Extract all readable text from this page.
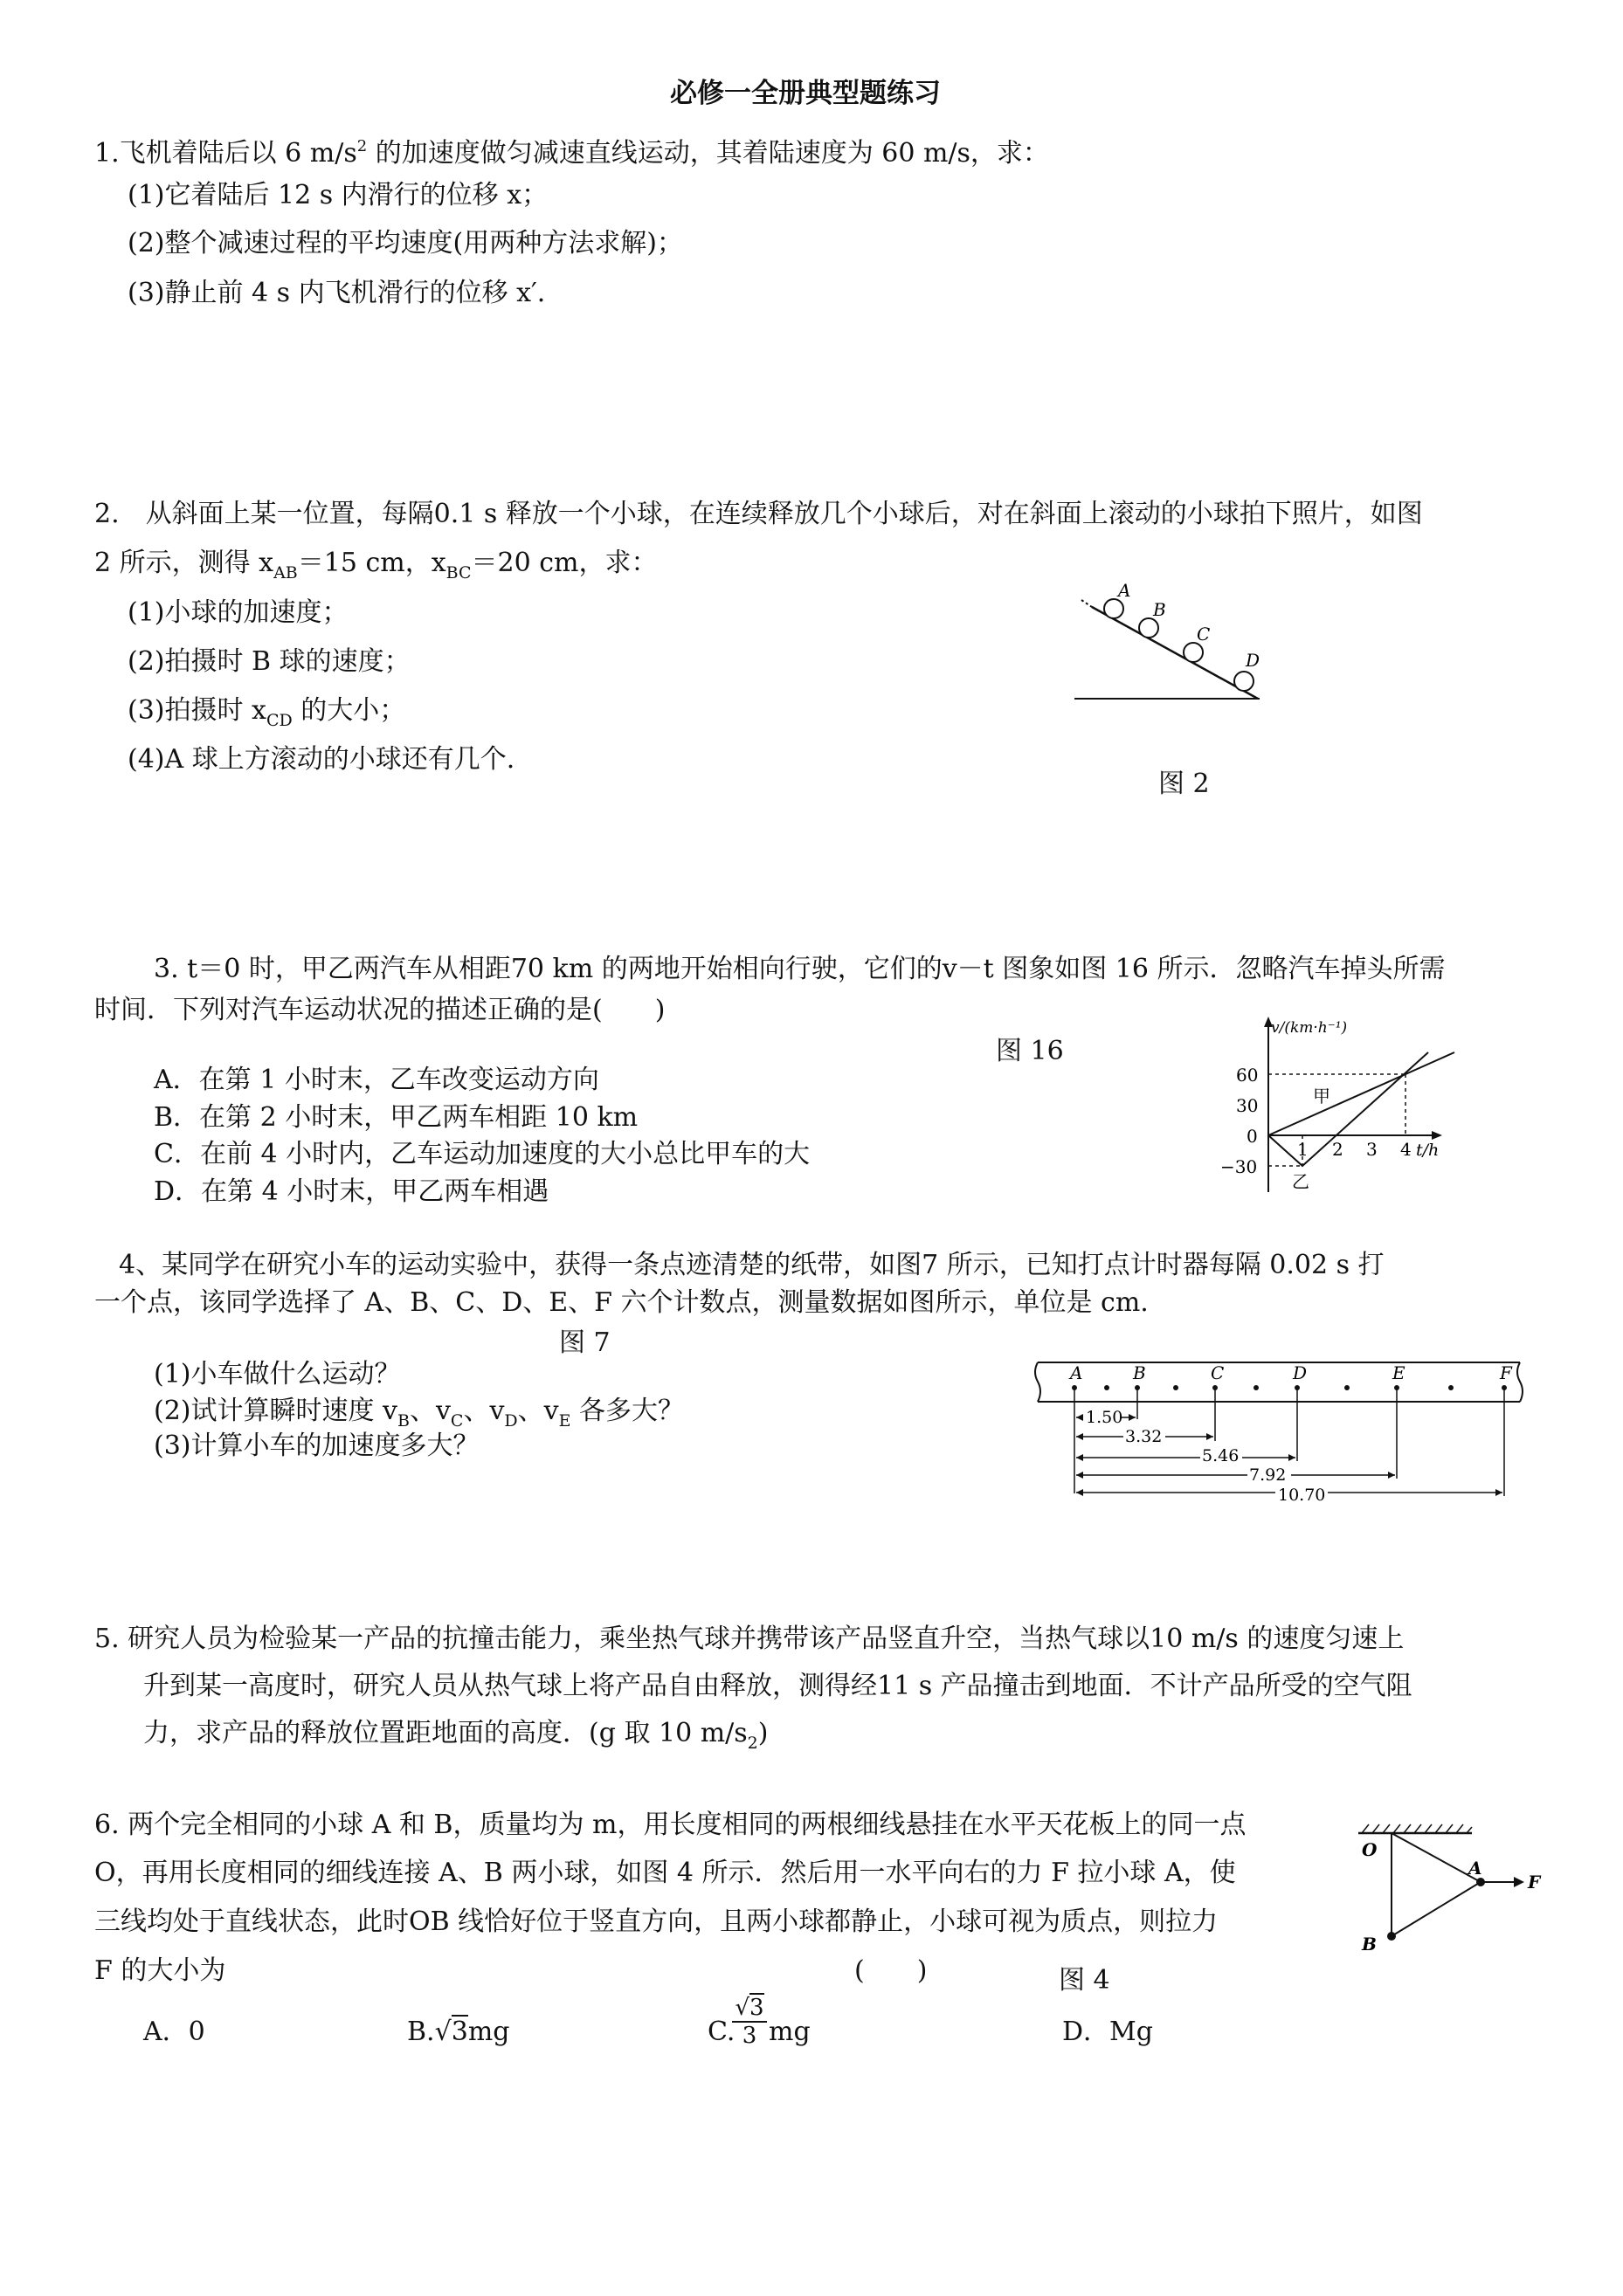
必修一全册典型题练习
1.飞机着陆后以 6 $m/s^2$ 的加速度做匀减速直线运动，其着陆速度为 60 m/s，求：
(1)它着陆后 12 s 内滑行的位移 x；
(2)整个减速过程的平均速度(用两种方法求解)；
(3)静止前 4 s 内飞机滑行的位移 x′．
2.　从斜面上某一位置，每隔0.1 s 释放一个小球，在连续释放几个小球后，对在斜面上滚动的小球拍下照片，如图
2 所示，测得 $x_{AB}=15$ cm，$x_{BC}=20$ cm，求：
(1)小球的加速度；
(2)拍摄时 B 球的速度；
(3)拍摄时 $x_{CD}$ 的大小；
(4)A 球上方滚动的小球还有几个.
A
B
C
D
图 2
3. t＝0 时，甲乙两汽车从相距70 km 的两地开始相向行驶，它们的v－t 图象如图 16 所示．忽略汽车掉头所需
时间．下列对汽车运动状况的描述正确的是(　　)
图 16
A．在第 1 小时末，乙车改变运动方向
B．在第 2 小时末，甲乙两车相距 10 km
C．在前 4 小时内，乙车运动加速度的大小总比甲车的大
D．在第 4 小时末，甲乙两车相遇
60
30
0
−30
1 2 3 4
v/(km·h⁻¹)
t/h
甲
乙
4、某同学在研究小车的运动实验中，获得一条点迹清楚的纸带，如图7 所示，已知打点计时器每隔 0.02 s 打
一个点，该同学选择了 A、B、C、D、E、F 六个计数点，测量数据如图所示，单位是 cm.
图 7
(1)小车做什么运动？
(2)试计算瞬时速度 $v_B$、$v_C$、$v_D$、$v_E$ 各多大？
(3)计算小车的加速度多大？
A	B	C	D	E	F
1.50
3.32
5.46
7.92
10.70
5. 研究人员为检验某一产品的抗撞击能力，乘坐热气球并携带该产品竖直升空，当热气球以10 m/s 的速度匀速上
升到某一高度时，研究人员从热气球上将产品自由释放，测得经11 s 产品撞击到地面．不计产品所受的空气阻
力，求产品的释放位置距地面的高度．(g 取 10 $m/s_2$)
6. 两个完全相同的小球 A 和 B，质量均为 m，用长度相同的两根细线悬挂在水平天花板上的同一点
O，再用长度相同的细线连接 A、B 两小球，如图 4 所示．然后用一水平向右的力 F 拉小球 A，使
三线均处于直线状态，此时OB 线恰好位于竖直方向，且两小球都静止，小球可视为质点，则拉力
F 的大小为	(　　)	图 4
A．0	B.√3mg	C.
$\frac{√3}{3}$ mg	D．Mg
O
A
B
F
